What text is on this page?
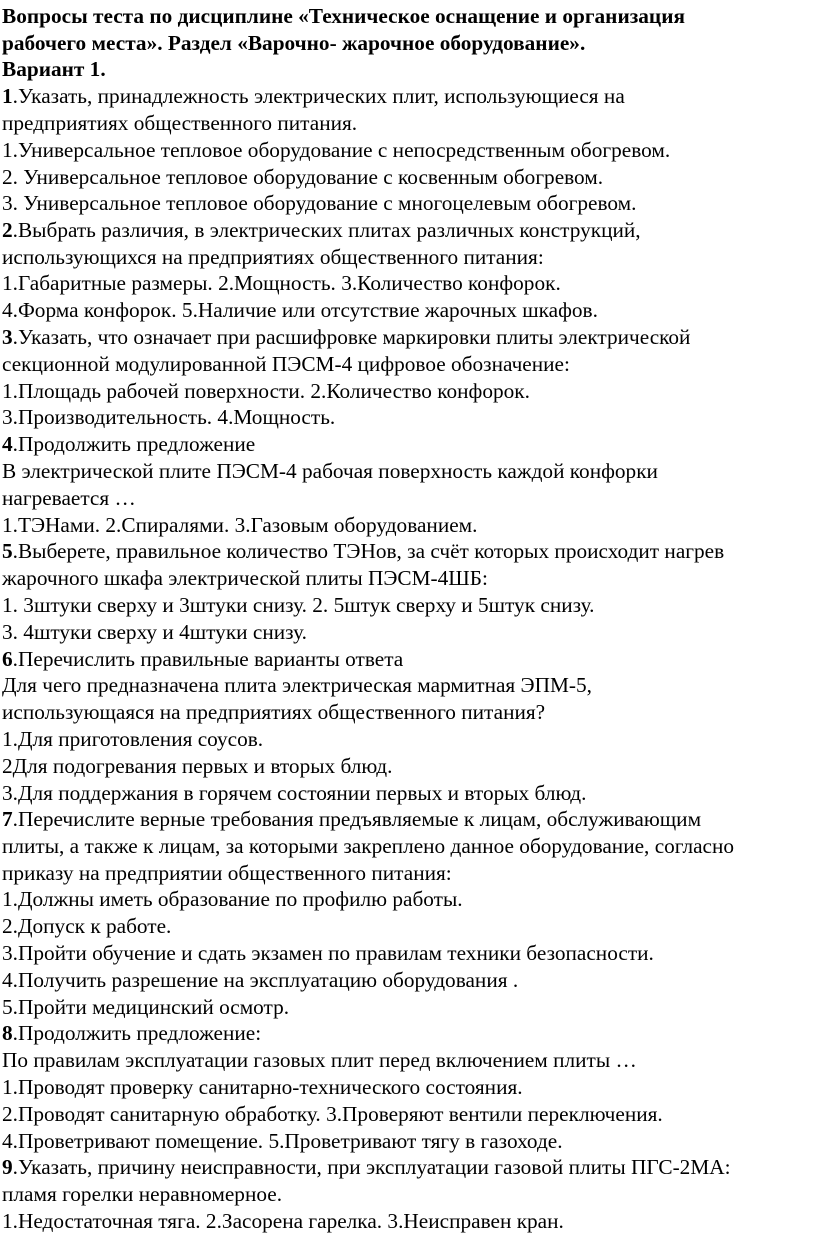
Вопросы теста по дисциплине «Техническое оснащение и организация
рабочего места». Раздел «Варочно- жарочное оборудование».
Вариант 1.
1.Указать, принадлежность электрических плит, использующиеся на
предприятиях общественного питания.
1.Универсальное тепловое оборудование с непосредственным обогревом.
2. Универсальное тепловое оборудование с косвенным обогревом.
3. Универсальное тепловое оборудование с многоцелевым обогревом.
2.Выбрать различия, в электрических плитах различных конструкций,
использующихся на предприятиях общественного питания:
1.Габаритные размеры. 2.Мощность. 3.Количество конфорок.
4.Форма конфорок. 5.Наличие или отсутствие жарочных шкафов.
3.Указать, что означает при расшифровке маркировки плиты электрической
секционной модулированной ПЭСМ-4 цифровое обозначение:
1.Площадь рабочей поверхности. 2.Количество конфорок.
3.Производительность. 4.Мощность.
4.Продолжить предложение
В электрической плите ПЭСМ-4 рабочая поверхность каждой конфорки
нагревается …
1.ТЭНами. 2.Спиралями. 3.Газовым оборудованием.
5.Выберете, правильное количество ТЭНов, за счёт которых происходит нагрев
жарочного шкафа электрической плиты ПЭСМ-4ШБ:
1. 3штуки сверху и 3штуки снизу. 2. 5штук сверху и 5штук снизу.
3. 4штуки сверху и 4штуки снизу.
6.Перечислить правильные варианты ответа
Для чего предназначена плита электрическая мармитная ЭПМ-5,
использующаяся на предприятиях общественного питания?
1.Для приготовления соусов.
2Для подогревания первых и вторых блюд.
3.Для поддержания в горячем состоянии первых и вторых блюд.
7.Перечислите верные требования предъявляемые к лицам, обслуживающим
плиты, а также к лицам, за которыми закреплено данное оборудование, согласно
приказу на предприятии общественного питания:
1.Должны иметь образование по профилю работы.
2.Допуск к работе.
3.Пройти обучение и сдать экзамен по правилам техники безопасности.
4.Получить разрешение на эксплуатацию оборудования .
5.Пройти медицинский осмотр.
8.Продолжить предложение:
По правилам эксплуатации газовых плит перед включением плиты …
1.Проводят проверку санитарно-технического состояния.
2.Проводят санитарную обработку. 3.Проверяют вентили переключения.
4.Проветривают помещение. 5.Проветривают тягу в газоходе.
9.Указать, причину неисправности, при эксплуатации газовой плиты ПГС-2МА:
пламя горелки неравномерное.
1.Недостаточная тяга. 2.Засорена гарелка. 3.Неисправен кран.
